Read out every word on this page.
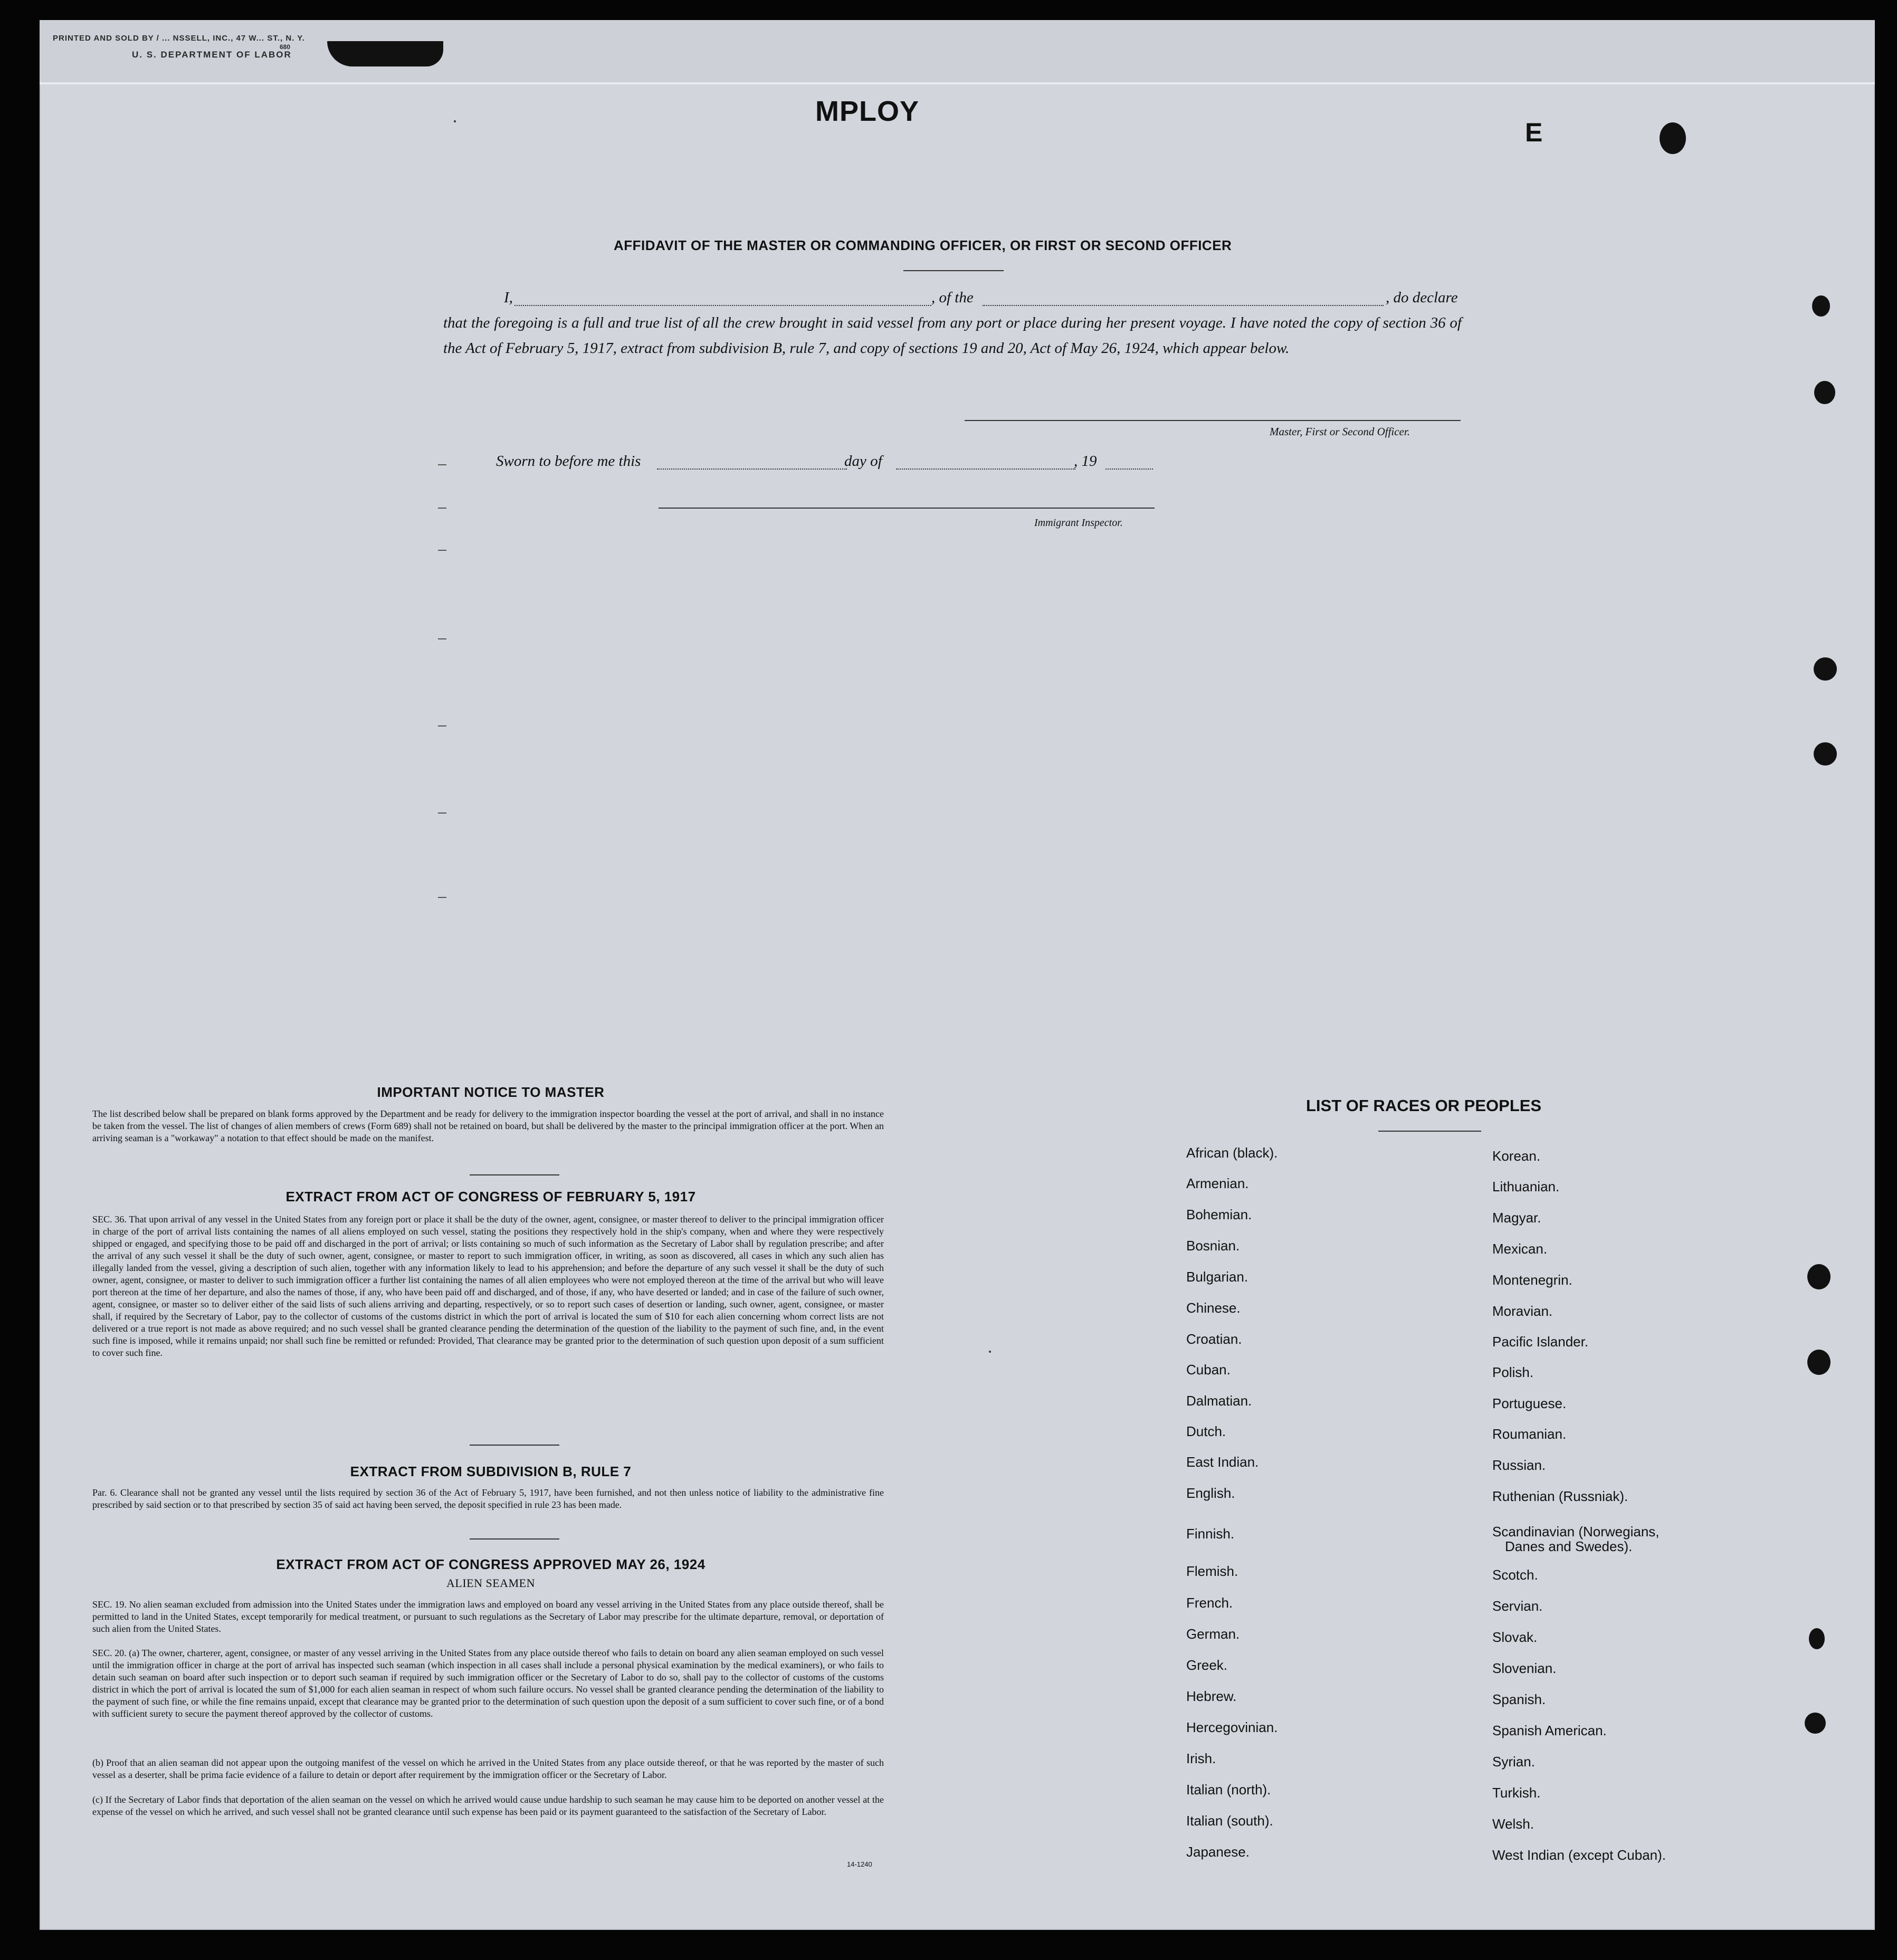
PRINTED AND SOLD BY / ... NSSELL, INC., 47 W... ST., N. Y.
680
U. S. DEPARTMENT OF LABOR
MPLOY
E
AFFIDAVIT OF THE MASTER OR COMMANDING OFFICER, OR FIRST OR SECOND OFFICER
I,	, of the	, do declare
that the foregoing is a full and true list of all the crew brought in said vessel from any port or place during her present voyage. I have noted the copy of section 36 of the Act of February 5, 1917, extract from subdivision B, rule 7, and copy of sections 19 and 20, Act of May 26, 1924, which appear below.
Master, First or Second Officer.
Sworn to before me this	day of	, 19
Immigrant Inspector.
IMPORTANT NOTICE TO MASTER
The list described below shall be prepared on blank forms approved by the Department and be ready for delivery to the immigration inspector boarding the vessel at the port of arrival, and shall in no instance be taken from the vessel. The list of changes of alien members of crews (Form 689) shall not be retained on board, but shall be delivered by the master to the principal immigration officer at the port. When an arriving seaman is a "workaway" a notation to that effect should be made on the manifest.
EXTRACT FROM ACT OF CONGRESS OF FEBRUARY 5, 1917
SEC. 36. That upon arrival of any vessel in the United States from any foreign port or place it shall be the duty of the owner, agent, consignee, or master thereof to deliver to the principal immigration officer in charge of the port of arrival lists containing the names of all aliens employed on such vessel, stating the positions they respectively hold in the ship's company, when and where they were respectively shipped or engaged, and specifying those to be paid off and discharged in the port of arrival; or lists containing so much of such information as the Secretary of Labor shall by regulation prescribe; and after the arrival of any such vessel it shall be the duty of such owner, agent, consignee, or master to report to such immigration officer, in writing, as soon as discovered, all cases in which any such alien has illegally landed from the vessel, giving a description of such alien, together with any information likely to lead to his apprehension; and before the departure of any such vessel it shall be the duty of such owner, agent, consignee, or master to deliver to such immigration officer a further list containing the names of all alien employees who were not employed thereon at the time of the arrival but who will leave port thereon at the time of her departure, and also the names of those, if any, who have been paid off and discharged, and of those, if any, who have deserted or landed; and in case of the failure of such owner, agent, consignee, or master so to deliver either of the said lists of such aliens arriving and departing, respectively, or so to report such cases of desertion or landing, such owner, agent, consignee, or master shall, if required by the Secretary of Labor, pay to the collector of customs of the customs district in which the port of arrival is located the sum of $10 for each alien concerning whom correct lists are not delivered or a true report is not made as above required; and no such vessel shall be granted clearance pending the determination of the question of the liability to the payment of such fine, and, in the event such fine is imposed, while it remains unpaid; nor shall such fine be remitted or refunded: Provided, That clearance may be granted prior to the determination of such question upon deposit of a sum sufficient to cover such fine.
EXTRACT FROM SUBDIVISION B, RULE 7
Par. 6. Clearance shall not be granted any vessel until the lists required by section 36 of the Act of February 5, 1917, have been furnished, and not then unless notice of liability to the administrative fine prescribed by said section or to that prescribed by section 35 of said act having been served, the deposit specified in rule 23 has been made.
EXTRACT FROM ACT OF CONGRESS APPROVED MAY 26, 1924
ALIEN SEAMEN
SEC. 19. No alien seaman excluded from admission into the United States under the immigration laws and employed on board any vessel arriving in the United States from any place outside thereof, shall be permitted to land in the United States, except temporarily for medical treatment, or pursuant to such regulations as the Secretary of Labor may prescribe for the ultimate departure, removal, or deportation of such alien from the United States.
SEC. 20. (a) The owner, charterer, agent, consignee, or master of any vessel arriving in the United States from any place outside thereof who fails to detain on board any alien seaman employed on such vessel until the immigration officer in charge at the port of arrival has inspected such seaman (which inspection in all cases shall include a personal physical examination by the medical examiners), or who fails to detain such seaman on board after such inspection or to deport such seaman if required by such immigration officer or the Secretary of Labor to do so, shall pay to the collector of customs of the customs district in which the port of arrival is located the sum of $1,000 for each alien seaman in respect of whom such failure occurs. No vessel shall be granted clearance pending the determination of the liability to the payment of such fine, or while the fine remains unpaid, except that clearance may be granted prior to the determination of such question upon the deposit of a sum sufficient to cover such fine, or of a bond with sufficient surety to secure the payment thereof approved by the collector of customs.
(b) Proof that an alien seaman did not appear upon the outgoing manifest of the vessel on which he arrived in the United States from any place outside thereof, or that he was reported by the master of such vessel as a deserter, shall be prima facie evidence of a failure to detain or deport after requirement by the immigration officer or the Secretary of Labor.
(c) If the Secretary of Labor finds that deportation of the alien seaman on the vessel on which he arrived would cause undue hardship to such seaman he may cause him to be deported on another vessel at the expense of the vessel on which he arrived, and such vessel shall not be granted clearance until such expense has been paid or its payment guaranteed to the satisfaction of the Secretary of Labor.
14-1240
LIST OF RACES OR PEOPLES
African (black).
Armenian.
Bohemian.
Bosnian.
Bulgarian.
Chinese.
Croatian.
Cuban.
Dalmatian.
Dutch.
East Indian.
English.
Finnish.
Flemish.
French.
German.
Greek.
Hebrew.
Hercegovinian.
Irish.
Italian (north).
Italian (south).
Japanese.
Korean.
Lithuanian.
Magyar.
Mexican.
Montenegrin.
Moravian.
Pacific Islander.
Polish.
Portuguese.
Roumanian.
Russian.
Ruthenian (Russniak).
Scandinavian (Norwegians,
Danes and Swedes).
Scotch.
Servian.
Slovak.
Slovenian.
Spanish.
Spanish American.
Syrian.
Turkish.
Welsh.
West Indian (except Cuban).
